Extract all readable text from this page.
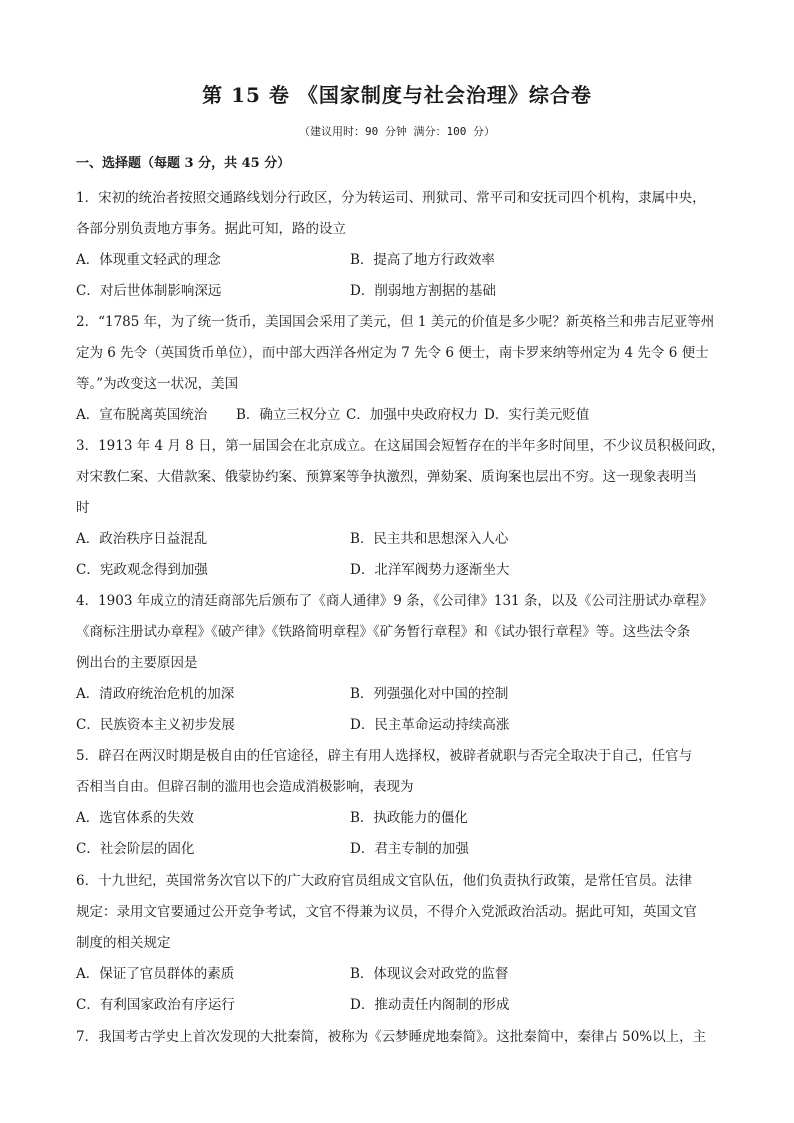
第 15 卷 《国家制度与社会治理》综合卷
（建议用时：90 分钟 满分：100 分）
一、选择题（每题 3 分，共 45 分）

1．宋初的统治者按照交通路线划分行政区，分为转运司、刑狱司、常平司和安抚司四个机构，隶属中央，

各部分别负责地方事务。据此可知，路的设立

A．体现重文轻武的理念	B．提高了地方行政效率
C．对后世体制影响深远	D．削弱地方割据的基础

2．“1785 年，为了统一货币，美国国会采用了美元，但 1 美元的价值是多少呢？新英格兰和弗吉尼亚等州

定为 6 先令（英国货币单位），而中部大西洋各州定为 7 先令 6 便士，南卡罗来纳等州定为 4 先令 6 便士

等。”为改变这一状况，美国

A．宣布脱离英国统治 B．确立三权分立 C．加强中央政府权力 D．实行美元贬值

3．1913 年 4 月 8 日，第一届国会在北京成立。在这届国会短暂存在的半年多时间里，不少议员积极问政，

对宋教仁案、大借款案、俄蒙协约案、预算案等争执激烈，弹劾案、质询案也层出不穷。这一现象表明当

时

A．政治秩序日益混乱	B．民主共和思想深入人心
C．宪政观念得到加强	D．北洋军阀势力逐渐坐大

4．1903 年成立的清廷商部先后颁布了《商人通律》9 条，《公司律》131 条，以及《公司注册试办章程》

《商标注册试办章程》《破产律》《铁路简明章程》《矿务暂行章程》和《试办银行章程》等。这些法令条

例出台的主要原因是

A．清政府统治危机的加深	B．列强强化对中国的控制
C．民族资本主义初步发展	D．民主革命运动持续高涨

5．辟召在两汉时期是极自由的任官途径，辟主有用人选择权，被辟者就职与否完全取决于自己，任官与

否相当自由。但辟召制的滥用也会造成消极影响，表现为

A．选官体系的失效	B．执政能力的僵化
C．社会阶层的固化	D．君主专制的加强

6．十九世纪，英国常务次官以下的广大政府官员组成文官队伍，他们负责执行政策，是常任官员。法律

规定：录用文官要通过公开竞争考试，文官不得兼为议员，不得介入党派政治活动。据此可知，英国文官

制度的相关规定

A．保证了官员群体的素质	B．体现议会对政党的监督
C．有利国家政治有序运行	D．推动责任内阁制的形成

7．我国考古学史上首次发现的大批秦简，被称为《云梦睡虎地秦简》。这批秦简中，秦律占 50%以上，主
